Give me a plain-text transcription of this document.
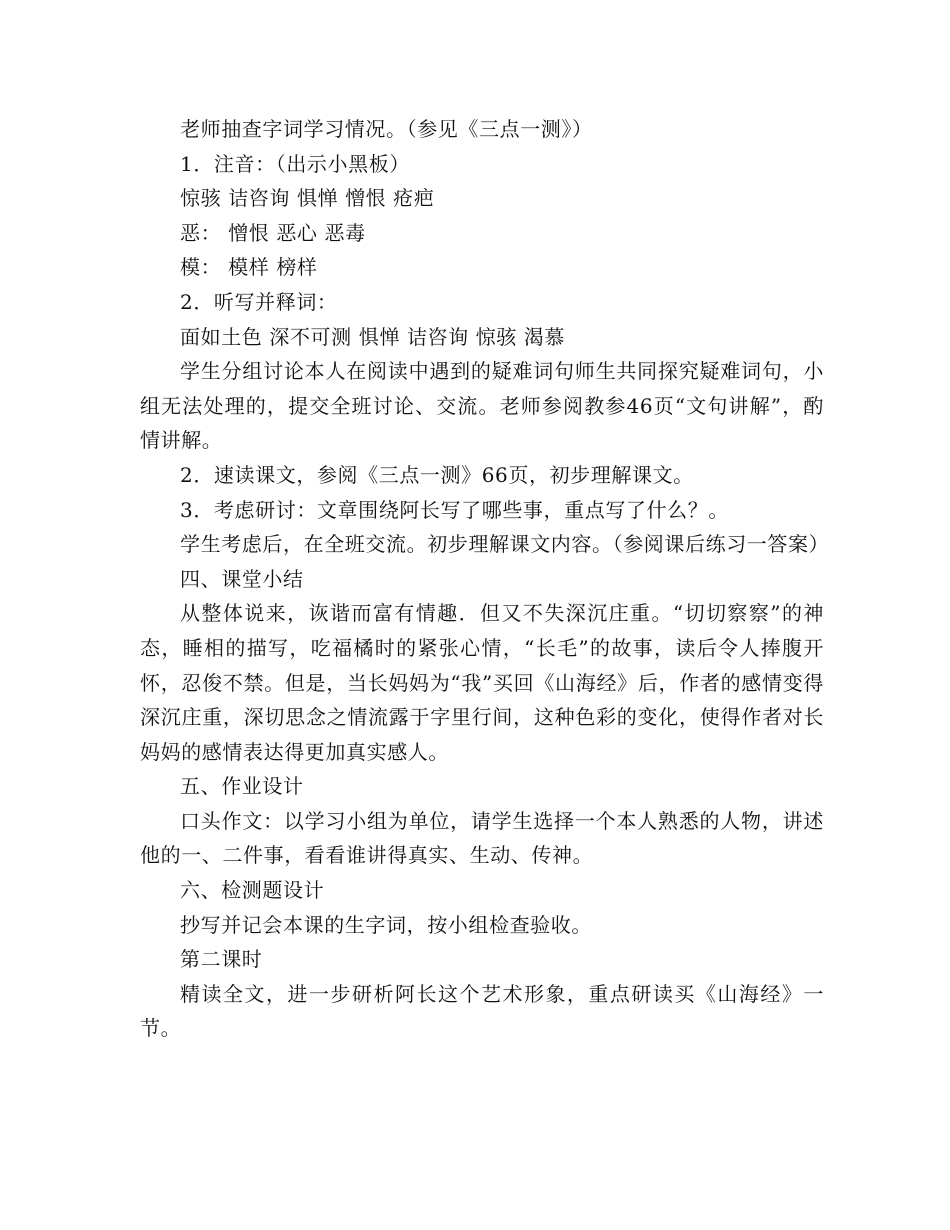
老师抽查字词学习情况。（参见《三点一测》）

1．注音：（出示小黑板）

惊骇 诘咨询 惧惮 憎恨 疮疤

恶： 憎恨 恶心 恶毒

模： 模样 榜样

2．听写并释词：

面如土色 深不可测 惧惮 诘咨询 惊骇 渴慕

学生分组讨论本人在阅读中遇到的疑难词句师生共同探究疑难词句，小组无法处理的，提交全班讨论、交流。老师参阅教参46页“文句讲解”，酌情讲解。

2．速读课文，参阅《三点一测》66页，初步理解课文。

3．考虑研讨：文章围绕阿长写了哪些事，重点写了什么？。

学生考虑后，在全班交流。初步理解课文内容。（参阅课后练习一答案）

四、课堂小结

从整体说来，诙谐而富有情趣．但又不失深沉庄重。“切切察察”的神态，睡相的描写，吃福橘时的紧张心情，“长毛”的故事，读后令人捧腹开怀，忍俊不禁。但是，当长妈妈为“我”买回《山海经》后，作者的感情变得深沉庄重，深切思念之情流露于字里行间，这种色彩的变化，使得作者对长妈妈的感情表达得更加真实感人。

五、作业设计

口头作文：以学习小组为单位，请学生选择一个本人熟悉的人物，讲述他的一、二件事，看看谁讲得真实、生动、传神。

六、检测题设计

抄写并记会本课的生字词，按小组检查验收。

第二课时

精读全文，进一步研析阿长这个艺术形象，重点研读买《山海经》一节。
